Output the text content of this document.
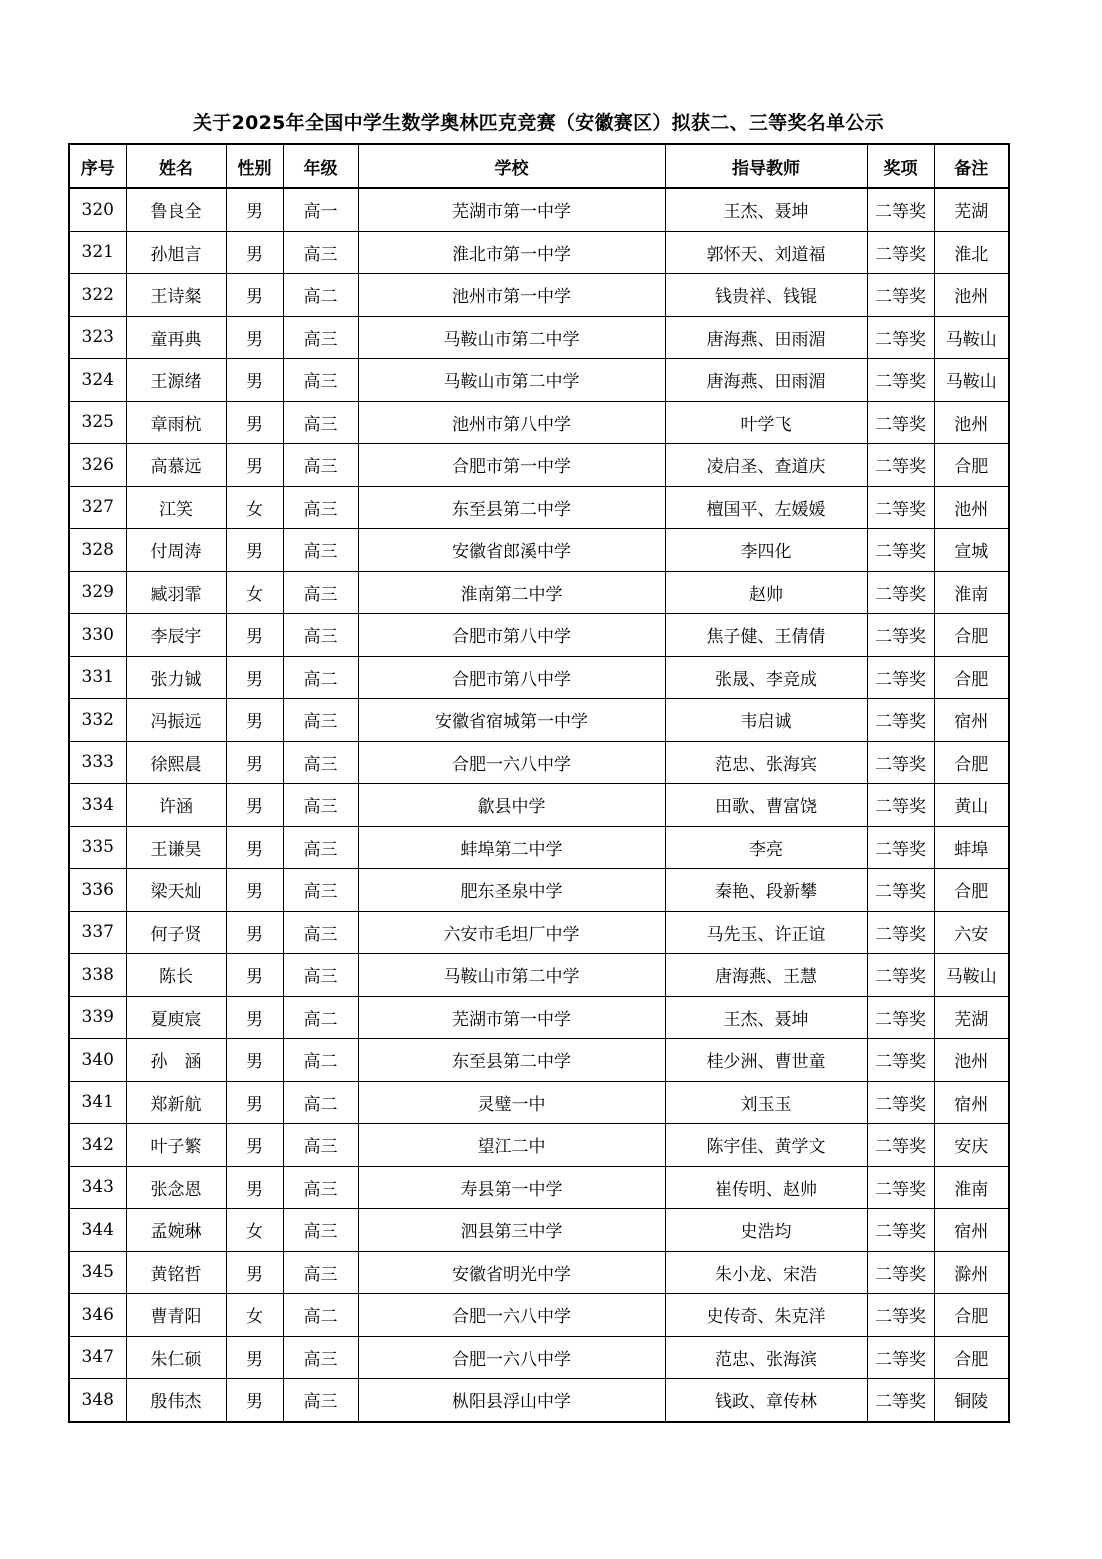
关于2025年全国中学生数学奥林匹克竞赛（安徽赛区）拟获二、三等奖名单公示
序号	姓名	性别	年级	学校	指导教师	奖项	备注
320	鲁良全	男	高一	芜湖市第一中学	王杰、聂坤	二等奖	芜湖
321	孙旭言	男	高三	淮北市第一中学	郭怀天、刘道福	二等奖	淮北
322	王诗粲	男	高二	池州市第一中学	钱贵祥、钱锟	二等奖	池州
323	童再典	男	高三	马鞍山市第二中学	唐海燕、田雨湄	二等奖	马鞍山
324	王源绪	男	高三	马鞍山市第二中学	唐海燕、田雨湄	二等奖	马鞍山
325	章雨杭	男	高三	池州市第八中学	叶学飞	二等奖	池州
326	高慕远	男	高三	合肥市第一中学	凌启圣、查道庆	二等奖	合肥
327	江笑	女	高三	东至县第二中学	檀国平、左媛媛	二等奖	池州
328	付周涛	男	高三	安徽省郎溪中学	李四化	二等奖	宣城
329	臧羽霏	女	高三	淮南第二中学	赵帅	二等奖	淮南
330	李辰宇	男	高三	合肥市第八中学	焦子健、王倩倩	二等奖	合肥
331	张力铖	男	高二	合肥市第八中学	张晟、李竞成	二等奖	合肥
332	冯振远	男	高三	安徽省宿城第一中学	韦启诚	二等奖	宿州
333	徐熙晨	男	高三	合肥一六八中学	范忠、张海宾	二等奖	合肥
334	许涵	男	高三	歙县中学	田歌、曹富饶	二等奖	黄山
335	王谦昊	男	高三	蚌埠第二中学	李亮	二等奖	蚌埠
336	梁天灿	男	高三	肥东圣泉中学	秦艳、段新攀	二等奖	合肥
337	何子贤	男	高三	六安市毛坦厂中学	马先玉、许正谊	二等奖	六安
338	陈长	男	高三	马鞍山市第二中学	唐海燕、王慧	二等奖	马鞍山
339	夏庾宸	男	高二	芜湖市第一中学	王杰、聂坤	二等奖	芜湖
340	孙　涵	男	高二	东至县第二中学	桂少洲、曹世童	二等奖	池州
341	郑新航	男	高二	灵璧一中	刘玉玉	二等奖	宿州
342	叶子繁	男	高三	望江二中	陈宇佳、黄学文	二等奖	安庆
343	张念恩	男	高三	寿县第一中学	崔传明、赵帅	二等奖	淮南
344	孟婉琳	女	高三	泗县第三中学	史浩均	二等奖	宿州
345	黄铭哲	男	高三	安徽省明光中学	朱小龙、宋浩	二等奖	滁州
346	曹青阳	女	高二	合肥一六八中学	史传奇、朱克洋	二等奖	合肥
347	朱仁硕	男	高三	合肥一六八中学	范忠、张海滨	二等奖	合肥
348	殷伟杰	男	高三	枞阳县浮山中学	钱政、章传林	二等奖	铜陵
